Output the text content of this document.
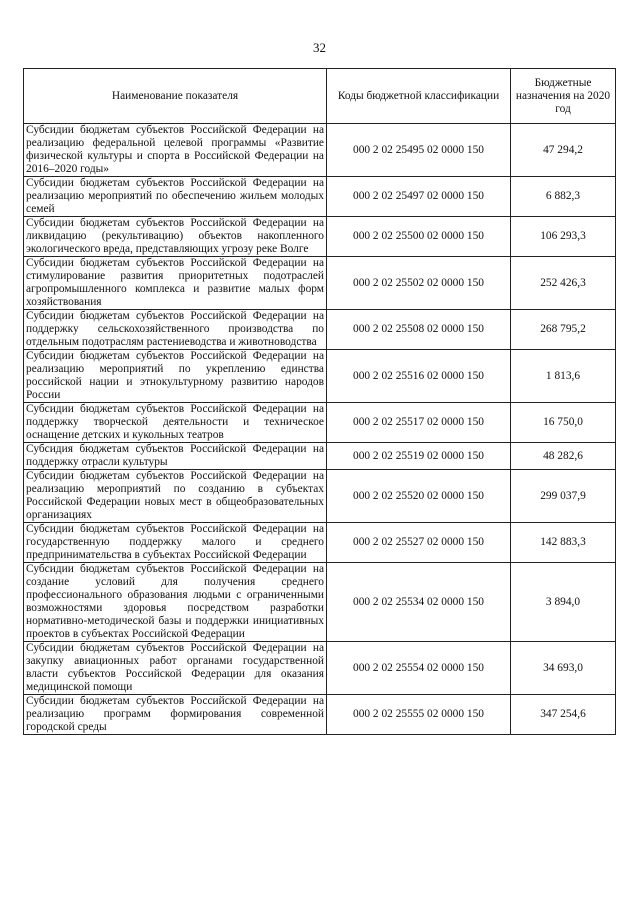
32
Наименование показателя	Коды бюджетной классификации	Бюджетные назначения на 2020 год
Субсидии бюджетам субъектов Российской Федерации на реализацию федеральной целевой программы «Развитие физической культуры и спорта в Российской Федерации на 2016–2020 годы»	000 2 02 25495 02 0000 150	47 294,2
Субсидии бюджетам субъектов Российской Федерации на реализацию мероприятий по обеспечению жильем молодых семей	000 2 02 25497 02 0000 150	6 882,3
Субсидии бюджетам субъектов Российской Федерации на ликвидацию (рекультивацию) объектов накопленного экологического вреда, представляющих угрозу реке Волге	000 2 02 25500 02 0000 150	106 293,3
Субсидии бюджетам субъектов Российской Федерации на стимулирование развития приоритетных подотраслей агропромышленного комплекса и развитие малых форм хозяйствования	000 2 02 25502 02 0000 150	252 426,3
Субсидии бюджетам субъектов Российской Федерации на поддержку сельскохозяйственного производства по отдельным подотраслям растениеводства и животноводства	000 2 02 25508 02 0000 150	268 795,2
Субсидии бюджетам субъектов Российской Федерации на реализацию мероприятий по укреплению единства российской нации и этнокультурному развитию народов России	000 2 02 25516 02 0000 150	1 813,6
Субсидии бюджетам субъектов Российской Федерации на поддержку творческой деятельности и техническое оснащение детских и кукольных театров	000 2 02 25517 02 0000 150	16 750,0
Субсидия бюджетам субъектов Российской Федерации на поддержку отрасли культуры	000 2 02 25519 02 0000 150	48 282,6
Субсидии бюджетам субъектов Российской Федерации на реализацию мероприятий по созданию в субъектах Российской Федерации новых мест в общеобразовательных организациях	000 2 02 25520 02 0000 150	299 037,9
Субсидии бюджетам субъектов Российской Федерации на государственную поддержку малого и среднего предпринимательства в субъектах Российской Федерации	000 2 02 25527 02 0000 150	142 883,3
Субсидии бюджетам субъектов Российской Федерации на создание условий для получения среднего профессионального образования людьми с ограниченными возможностями здоровья посредством разработки нормативно-методической базы и поддержки инициативных проектов в субъектах Российской Федерации	000 2 02 25534 02 0000 150	3 894,0
Субсидии бюджетам субъектов Российской Федерации на закупку авиационных работ органами государственной власти субъектов Российской Федерации для оказания медицинской помощи	000 2 02 25554 02 0000 150	34 693,0
Субсидии бюджетам субъектов Российской Федерации на реализацию программ формирования современной городской среды	000 2 02 25555 02 0000 150	347 254,6
